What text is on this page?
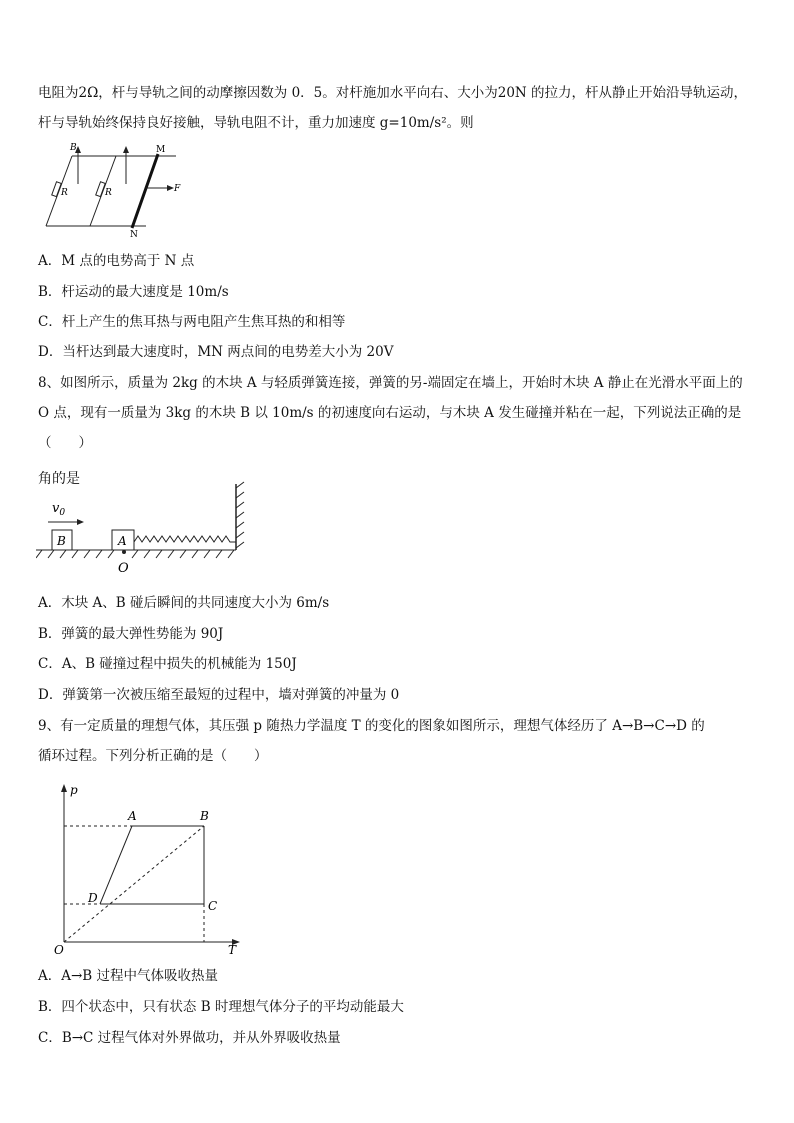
电阻为2Ω，杆与导轨之间的动摩擦因数为 0．5。对杆施加水平向右、大小为20N 的拉力，杆从静止开始沿导轨运动，
杆与导轨始终保持良好接触，导轨电阻不计，重力加速度 g=10m/s²。则
R	R
B	M
N
F
A．M 点的电势高于 N 点
B．杆运动的最大速度是 10m/s
C．杆上产生的焦耳热与两电阻产生焦耳热的和相等
D．当杆达到最大速度时，MN 两点间的电势差大小为 20V
8、如图所示，质量为 2kg 的木块 A 与轻质弹簧连接，弹簧的另-端固定在墙上，开始时木块 A 静止在光滑水平面上的
O 点，现有一质量为 3kg 的木块 B 以 10m/s 的初速度向右运动，与木块 A 发生碰撞并粘在一起，下列说法正确的是
（　　）
角的是
$v_0$
B	A
O
A．木块 A、B 碰后瞬间的共同速度大小为 6m/s
B．弹簧的最大弹性势能为 90J
C．A、B 碰撞过程中损失的机械能为 150J
D．弹簧第一次被压缩至最短的过程中，墙对弹簧的冲量为 0
9、有一定质量的理想气体，其压强 p 随热力学温度 T 的变化的图象如图所示，理想气体经历了 A→B→C→D 的
循环过程。下列分析正确的是（　　）
p
T
O
A	B
C
D
A．A→B 过程中气体吸收热量
B．四个状态中，只有状态 B 时理想气体分子的平均动能最大
C．B→C 过程气体对外界做功，并从外界吸收热量
